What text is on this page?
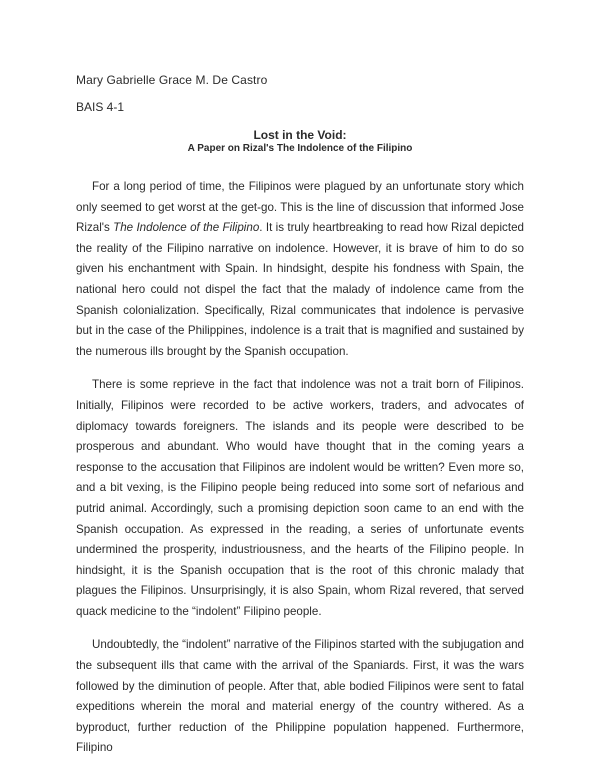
Mary Gabrielle Grace M. De Castro
BAIS 4-1
Lost in the Void:
A Paper on Rizal's The Indolence of the Filipino

For a long period of time, the Filipinos were plagued by an unfortunate story which only seemed to get worst at the get-go. This is the line of discussion that informed Jose Rizal's The Indolence of the Filipino. It is truly heartbreaking to read how Rizal depicted the reality of the Filipino narrative on indolence. However, it is brave of him to do so given his enchantment with Spain. In hindsight, despite his fondness with Spain, the national hero could not dispel the fact that the malady of indolence came from the Spanish colonialization. Specifically, Rizal communicates that indolence is pervasive but in the case of the Philippines, indolence is a trait that is magnified and sustained by the numerous ills brought by the Spanish occupation.

There is some reprieve in the fact that indolence was not a trait born of Filipinos. Initially, Filipinos were recorded to be active workers, traders, and advocates of diplomacy towards foreigners. The islands and its people were described to be prosperous and abundant. Who would have thought that in the coming years a response to the accusation that Filipinos are indolent would be written? Even more so, and a bit vexing, is the Filipino people being reduced into some sort of nefarious and putrid animal. Accordingly, such a promising depiction soon came to an end with the Spanish occupation. As expressed in the reading, a series of unfortunate events undermined the prosperity, industriousness, and the hearts of the Filipino people. In hindsight, it is the Spanish occupation that is the root of this chronic malady that plagues the Filipinos. Unsurprisingly, it is also Spain, whom Rizal revered, that served quack medicine to the “indolent” Filipino people.

Undoubtedly, the “indolent” narrative of the Filipinos started with the subjugation and the subsequent ills that came with the arrival of the Spaniards. First, it was the wars followed by the diminution of people. After that, able bodied Filipinos were sent to fatal expeditions wherein the moral and material energy of the country withered. As a byproduct, further reduction of the Philippine population happened. Furthermore, Filipino
